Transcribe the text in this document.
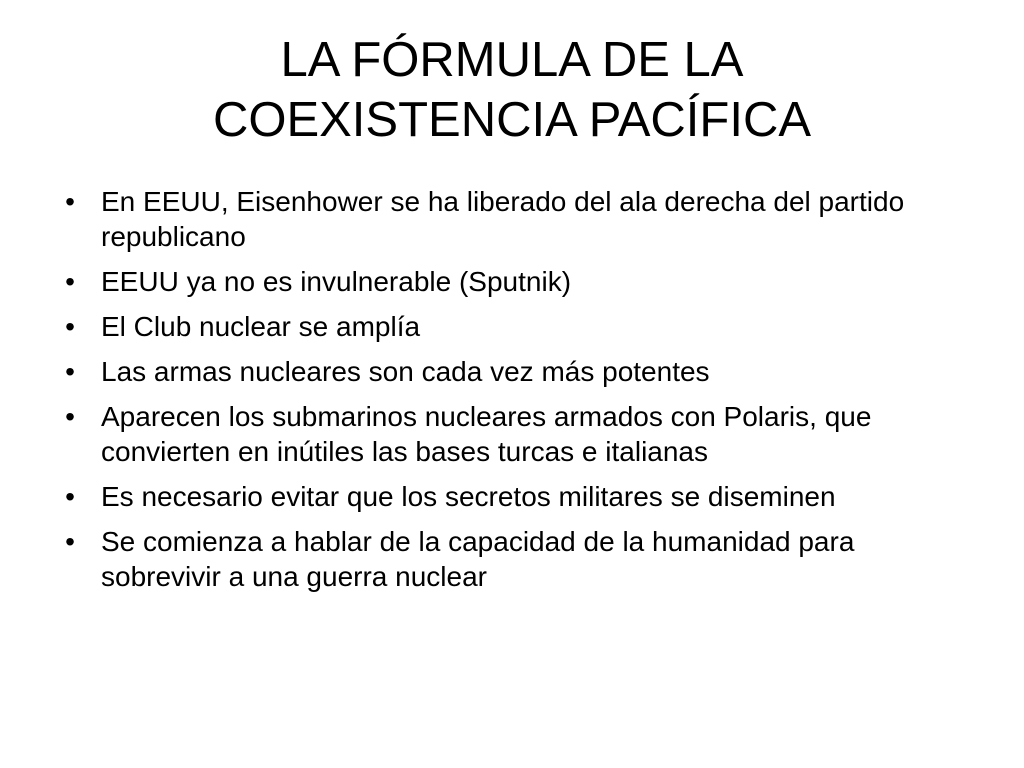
LA FÓRMULA DE LA
COEXISTENCIA PACÍFICA
• En EEUU, Eisenhower se ha liberado del ala derecha del partido republicano
• EEUU ya no es invulnerable (Sputnik)
• El Club nuclear se amplía
• Las armas nucleares son cada vez más potentes
• Aparecen los submarinos nucleares armados con Polaris, que convierten en inútiles las bases turcas e italianas
• Es necesario evitar que los secretos militares se diseminen
• Se comienza a hablar de la capacidad de la humanidad para sobrevivir a una guerra nuclear
